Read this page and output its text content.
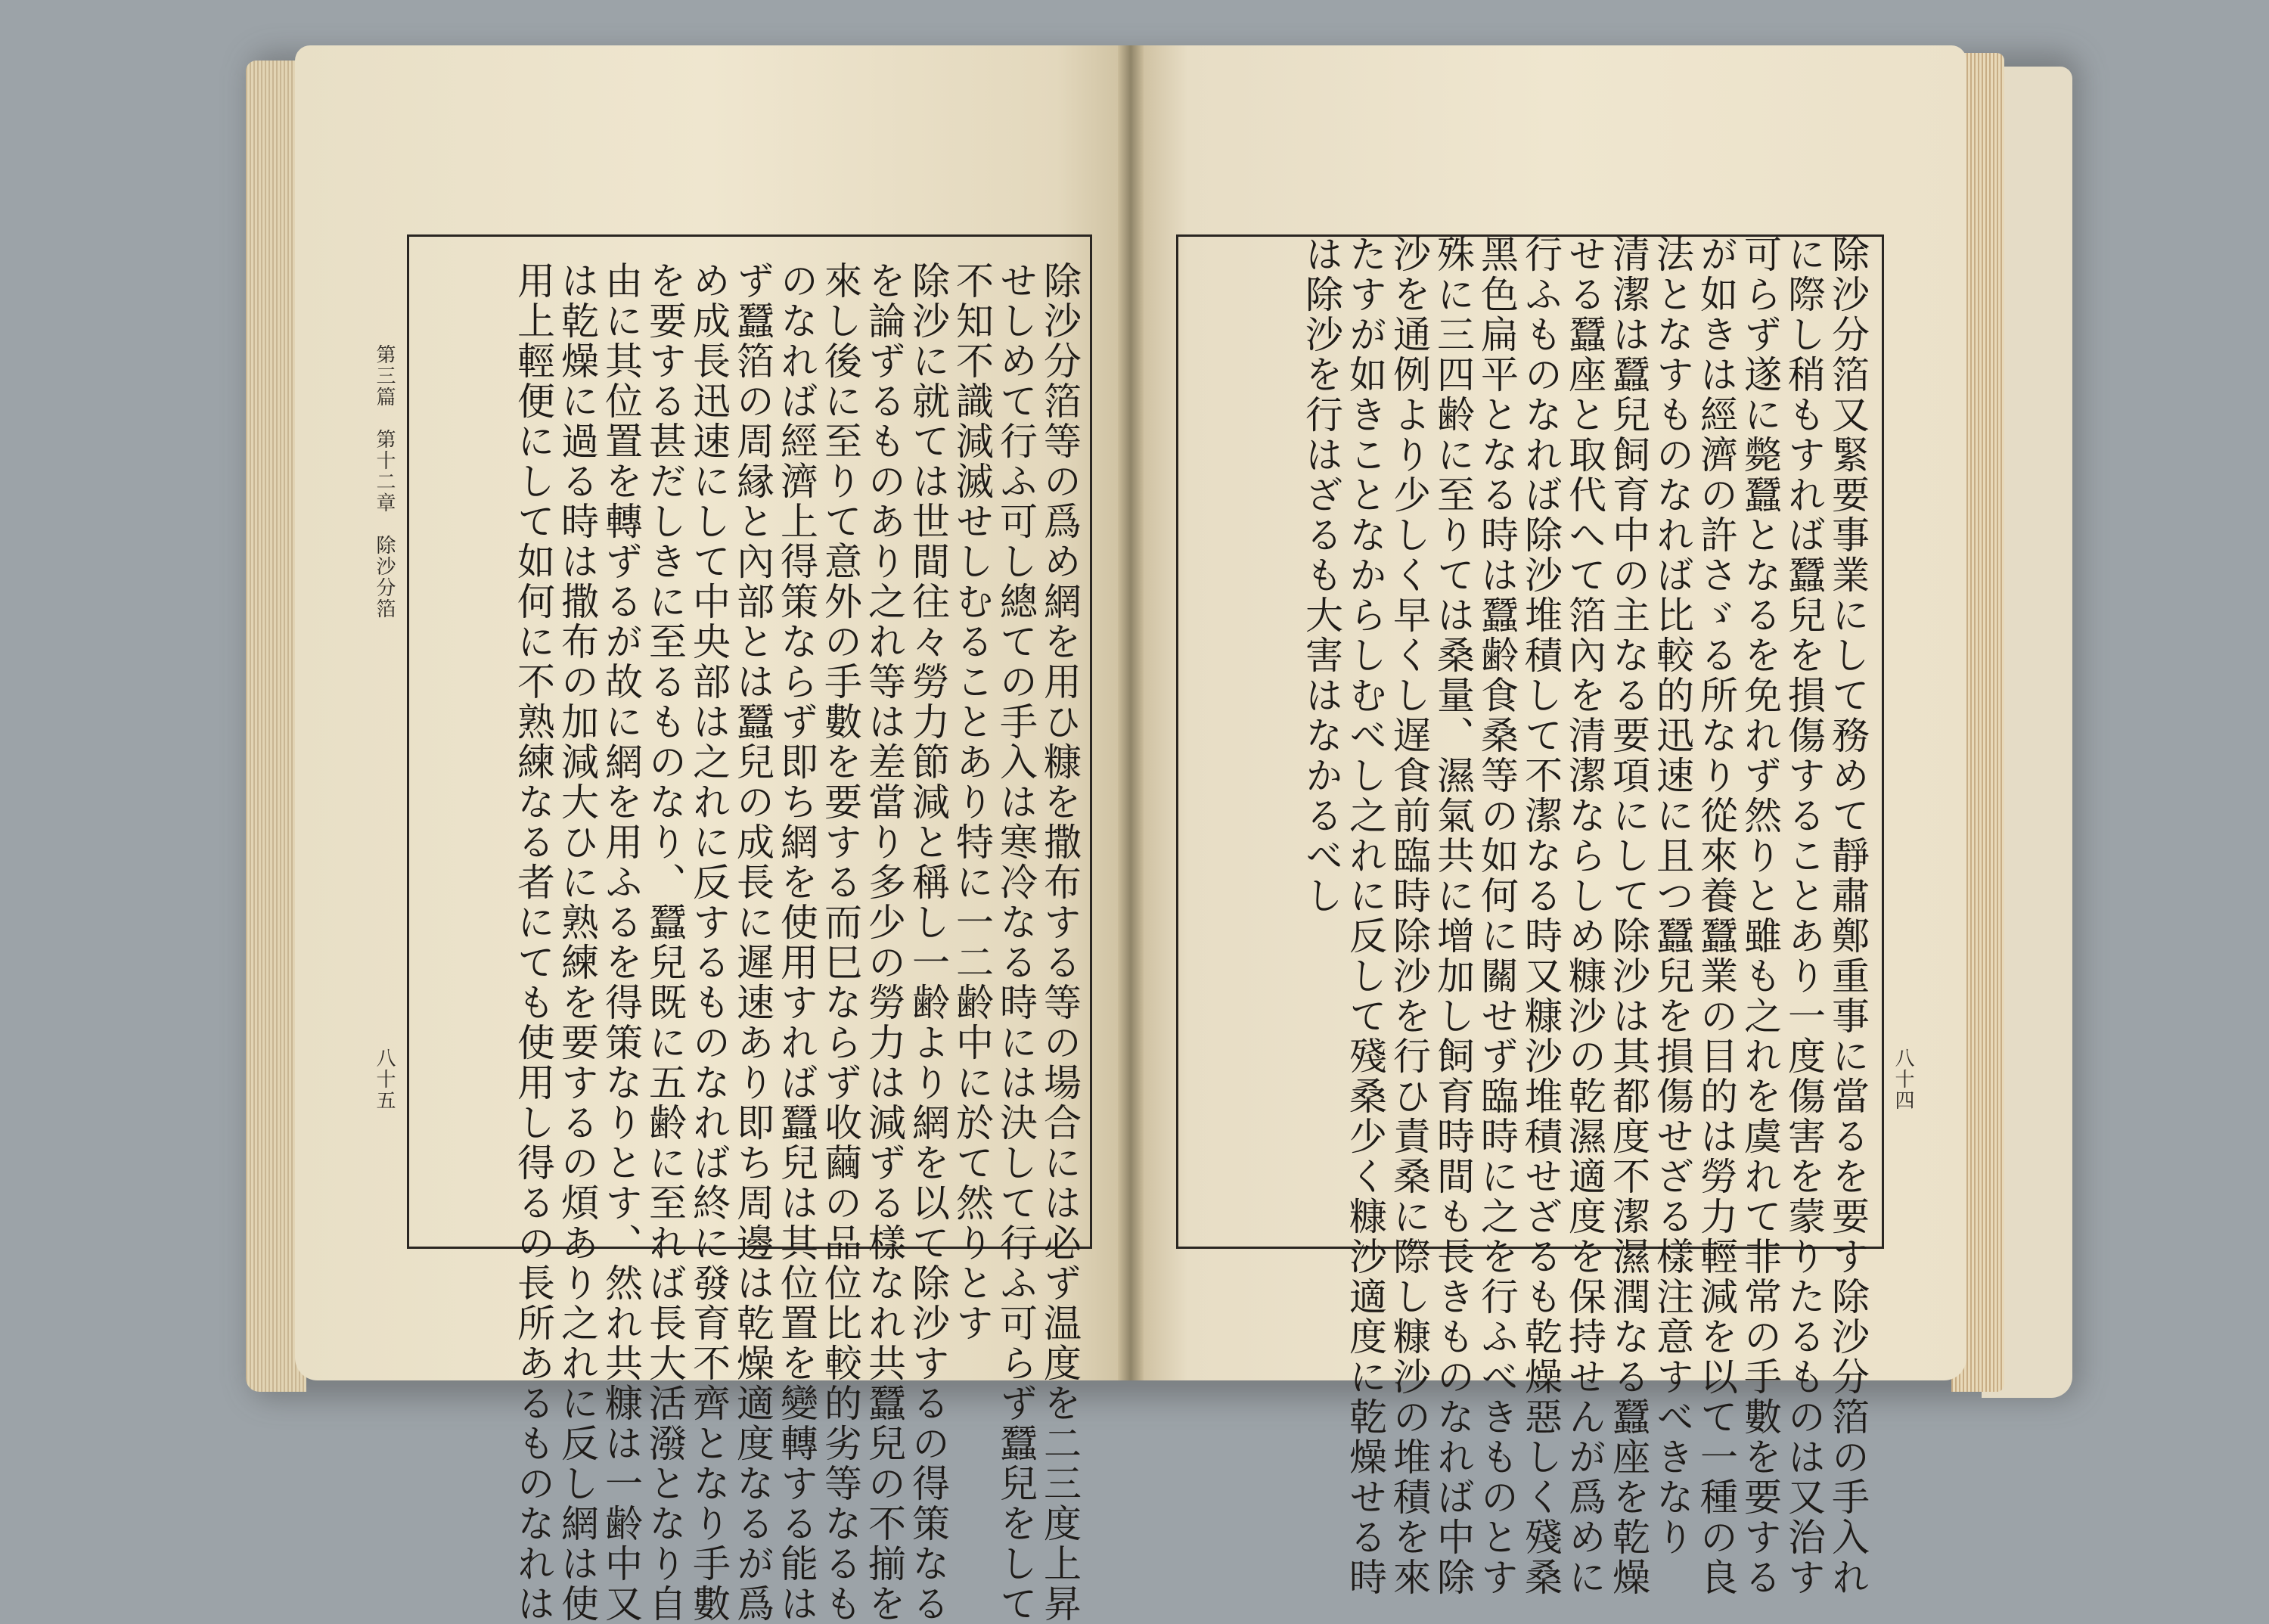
第三篇　第十二章　除沙分箔
八十五	除沙分箔等の爲め網を用ひ糠を撒布する等の場合には必ず温度を二三度上昇
せしめて行ふ可し總ての手入は寒冷なる時には決して行ふ可らず蠶兒をして
不知不識減滅せしむることあり特に一二齢中に於て然りとす
除沙に就ては世間往々勞力節減と稱し一齢より網を以て除沙するの得策なる
を論ずるものあり之れ等は差當り多少の勞力は減ずる樣なれ共蠶兒の不揃を
來し後に至りて意外の手數を要する而巳ならず收繭の品位比較的劣等なるも
のなれば經濟上得策ならず即ち網を使用すれば蠶兒は其位置を變轉する能は
ず蠶箔の周縁と內部とは蠶兒の成長に遲速あり即ち周邊は乾燥適度なるが爲
め成長迅速にして中央部は之れに反するものなれば終に發育不齊となり手數
を要する甚だしきに至るものなり、蠶兒既に五齢に至れば長大活潑となり自
由に其位置を轉ずるが故に網を用ふるを得策なりとす、然れ共糠は一齢中又
は乾燥に過る時は撒布の加減大ひに熟練を要するの煩あり之れに反し網は使
用上輕便にして如何に不熟練なる者にても使用し得るの長所あるものなれは	八十四
除沙分箔又緊要事業にして務めて靜肅鄭重事に當るを要す除沙分箔の手入れ
に際し稍もすれば蠶兒を損傷することあり一度傷害を蒙りたるものは又治す
可らず遂に斃蠶となるを免れず然りと雖も之れを虞れて非常の手數を要する
が如きは經濟の許さゞる所なり從來養蠶業の目的は勞力輕減を以て一種の良
法となすものなれば比較的迅速に且つ蠶兒を損傷せざる樣注意すべきなり
清潔は蠶兒飼育中の主なる要項にして除沙は其都度不潔濕潤なる蠶座を乾燥
せる蠶座と取代へて箔內を清潔ならしめ糠沙の乾濕適度を保持せんが爲めに
行ふものなれば除沙堆積して不潔なる時又糠沙堆積せざるも乾燥惡しく殘桑
黑色扁平となる時は蠶齢食桑等の如何に關せず臨時に之を行ふべきものとす
殊に三四齢に至りては桑量、濕氣共に增加し飼育時間も長きものなれば中除
沙を通例より少しく早くし遅食前臨時除沙を行ひ責桑に際し糠沙の堆積を來
たすが如きことなからしむべし之れに反して殘桑少く糠沙適度に乾燥せる時
は除沙を行はざるも大害はなかるべし
